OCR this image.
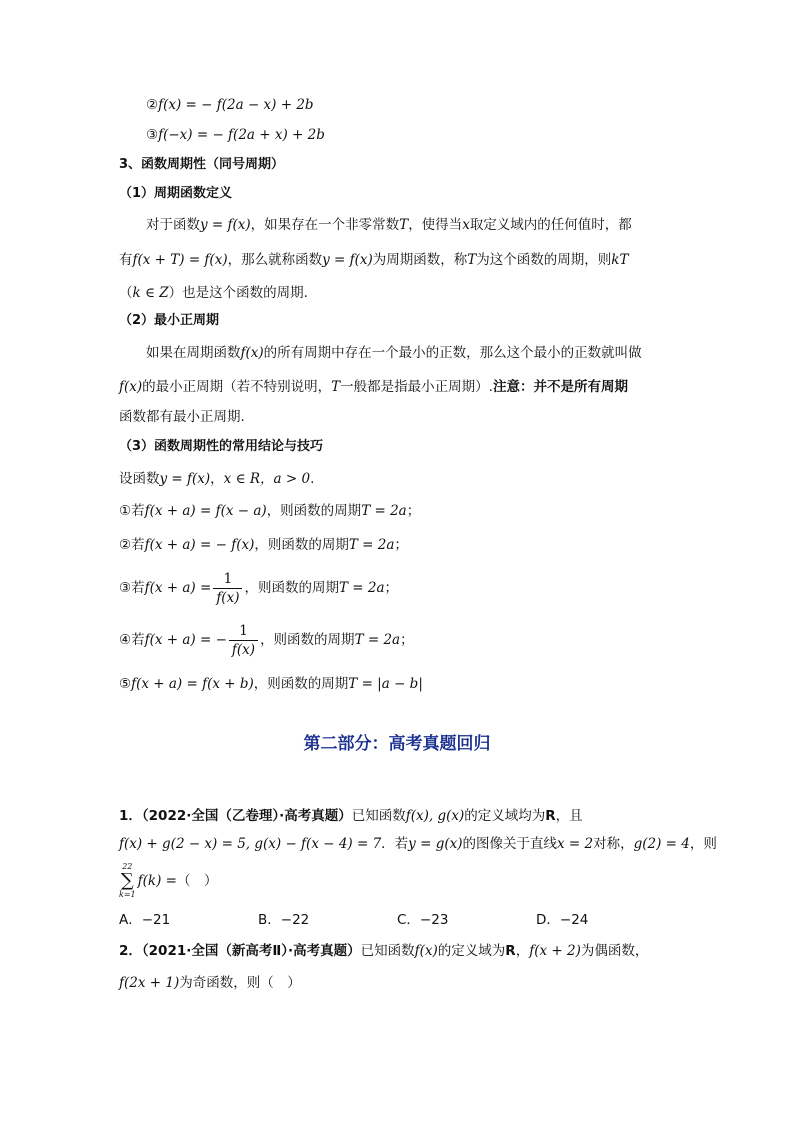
②f(x) = − f(2a − x) + 2b
③f(−x) = − f(2a + x) + 2b
3、函数周期性（同号周期）
（1）周期函数定义
对于函数y = f(x)，如果存在一个非零常数T，使得当x取定义域内的任何值时，都
有f(x + T) = f(x)，那么就称函数y = f(x)为周期函数，称T为这个函数的周期，则kT
（k ∈ Z）也是这个函数的周期.
（2）最小正周期
如果在周期函数f(x)的所有周期中存在一个最小的正数，那么这个最小的正数就叫做
f(x)的最小正周期（若不特别说明，T一般都是指最小正周期）.注意：并不是所有周期
函数都有最小正周期.
（3）函数周期性的常用结论与技巧
设函数y = f(x)，x ∈ R，a > 0.
①若f(x + a) = f(x − a)，则函数的周期T = 2a；
②若f(x + a) = − f(x)，则函数的周期T = 2a；
③若$f(x + a) = \frac{1}{f(x)}$ ，则函数的周期T = 2a；
④若f(x + a) = − $\frac{1}{f(x)}$ ，则函数的周期T = 2a；
⑤f(x + a) = f(x + b)，则函数的周期T = |a − b|
第二部分：高考真题回归
1．（2022·全国（乙卷理）·高考真题）已知函数f(x), g(x)的定义域均为R，且
f(x) + g(2 − x) = 5, g(x) − f(x − 4) = 7．若y = g(x)的图像关于直线x = 2对称，g(2) = 4，则
22
∑
k=1
f(k) =（　）
A．−21	B．−22	C．−23	D．−24
2．（2021·全国（新高考Ⅱ）·高考真题）已知函数f(x)的定义域为R，f(x + 2)为偶函数，
f(2x + 1)为奇函数，则（　）
